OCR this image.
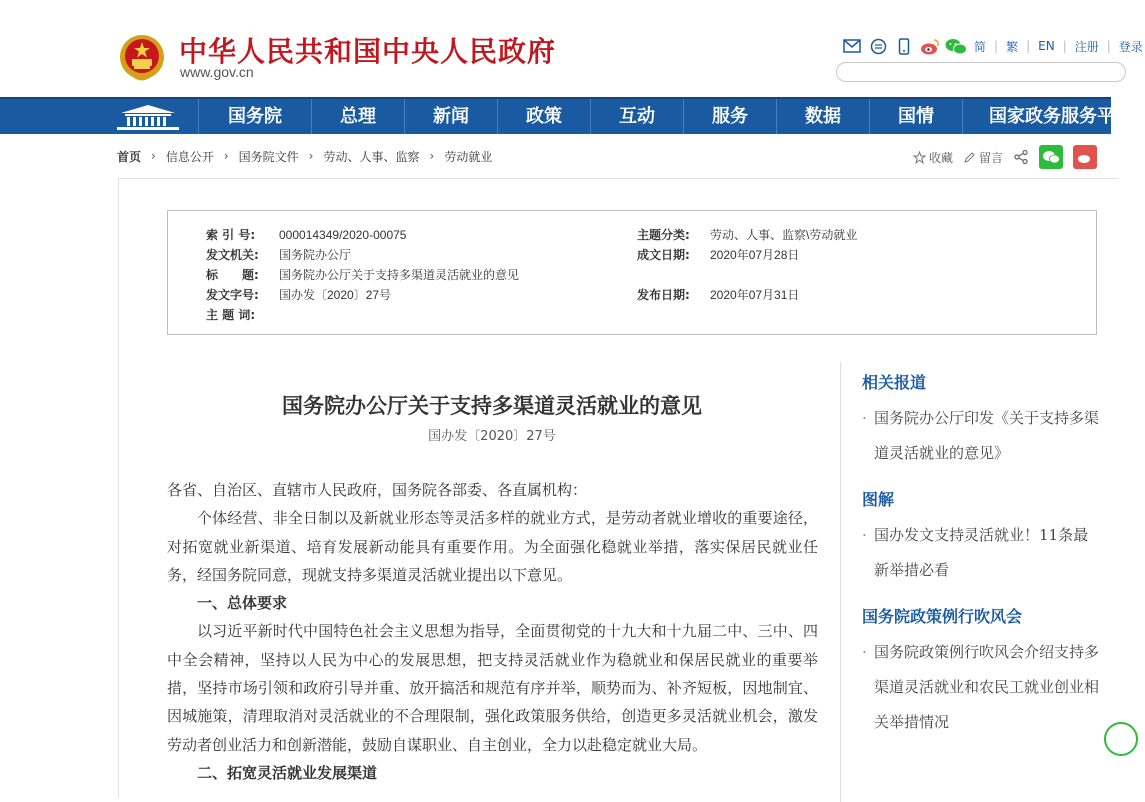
中华人民共和国中央人民政府
www.gov.cn
简 | 繁 | EN | 注册 | 登录
国务院	总理	新闻	政策	互动	服务	数据	国情	国家政务服务平台
首页 › 信息公开 › 国务院文件 › 劳动、人事、监察 › 劳动就业	收藏 留言
索 引 号:	000014349/2020-00075	主题分类:	劳动、人事、监察\劳动就业
发文机关:	国务院办公厅	成文日期:	2020年07月28日
标　　题:	国务院办公厅关于支持多渠道灵活就业的意见
发文字号:	国办发〔2020〕27号	发布日期:	2020年07月31日
主 题 词:
国务院办公厅关于支持多渠道灵活就业的意见
国办发〔2020〕27号

各省、自治区、直辖市人民政府，国务院各部委、各直属机构：

个体经营、非全日制以及新就业形态等灵活多样的就业方式，是劳动者就业增收的重要途径，对拓宽就业新渠道、培育发展新动能具有重要作用。为全面强化稳就业举措，落实保居民就业任务，经国务院同意，现就支持多渠道灵活就业提出以下意见。

一、总体要求

以习近平新时代中国特色社会主义思想为指导，全面贯彻党的十九大和十九届二中、三中、四中全会精神，坚持以人民为中心的发展思想，把支持灵活就业作为稳就业和保居民就业的重要举措，坚持市场引领和政府引导并重、放开搞活和规范有序并举，顺势而为、补齐短板，因地制宜、因城施策，清理取消对灵活就业的不合理限制，强化政策服务供给，创造更多灵活就业机会，激发劳动者创业活力和创新潜能，鼓励自谋职业、自主创业，全力以赴稳定就业大局。

二、拓宽灵活就业发展渠道

相关报道
· 国务院办公厅印发《关于支持多渠道灵活就业的意见》
图解
· 国办发文支持灵活就业！11条最新举措必看
国务院政策例行吹风会
· 国务院政策例行吹风会介绍支持多渠道灵活就业和农民工就业创业相关举措情况
